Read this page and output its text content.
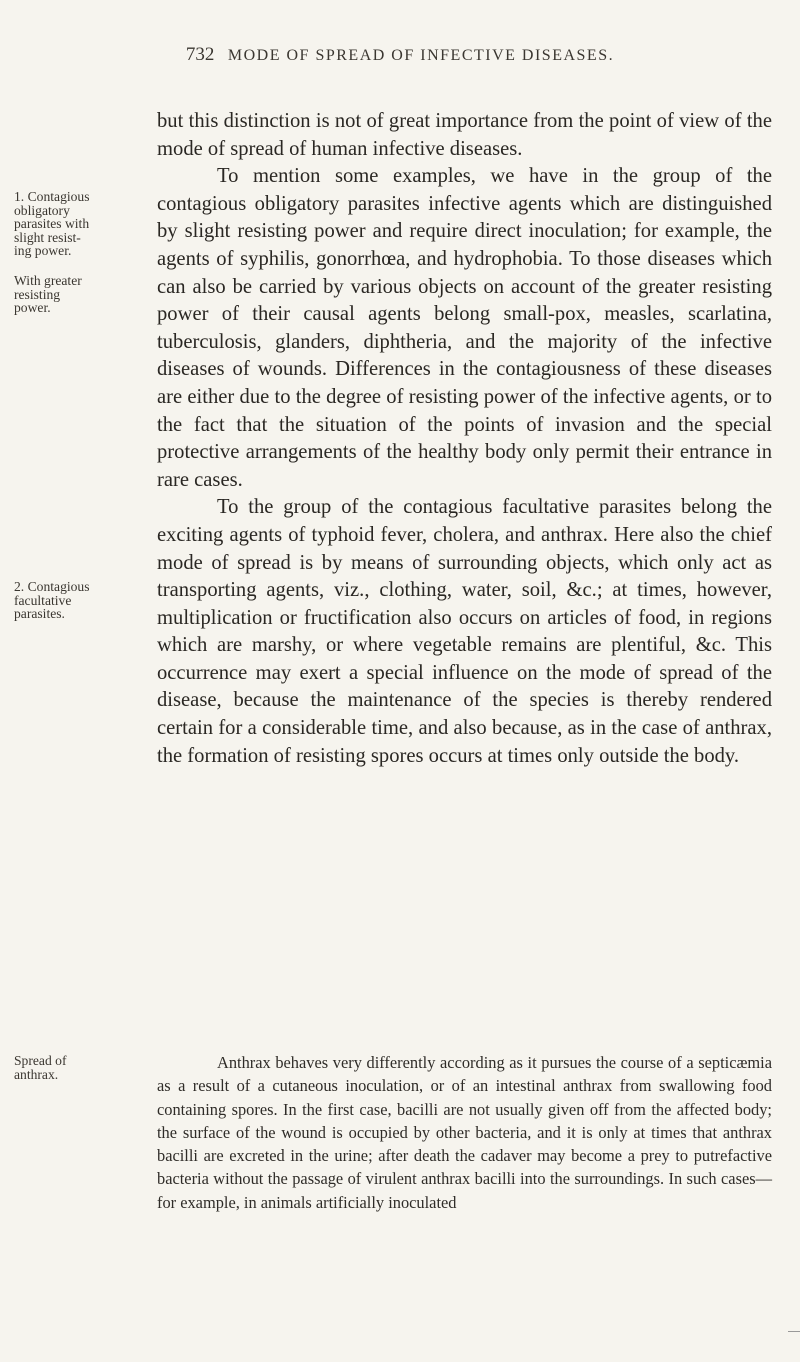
732 MODE OF SPREAD OF INFECTIVE DISEASES.

but this distinction is not of great importance from the point of view of the mode of spread of human infective diseases.

To mention some examples, we have in the group of the contagious obligatory parasites infective agents which are distinguished by slight resisting power and require direct inoculation; for example, the agents of syphilis, gonorrhœa, and hydrophobia. To those diseases which can also be carried by various objects on account of the greater resisting power of their causal agents belong small-pox, measles, scarlatina, tuberculosis, glanders, diphtheria, and the majority of the infective diseases of wounds. Differences in the contagiousness of these diseases are either due to the degree of resisting power of the infective agents, or to the fact that the situation of the points of invasion and the special protective arrangements of the healthy body only permit their entrance in rare cases.

To the group of the contagious facultative parasites belong the exciting agents of typhoid fever, cholera, and anthrax. Here also the chief mode of spread is by means of surrounding objects, which only act as transporting agents, viz., clothing, water, soil, &c.; at times, however, multiplication or fructification also occurs on articles of food, in regions which are marshy, or where vegetable remains are plentiful, &c. This occurrence may exert a special influence on the mode of spread of the disease, because the maintenance of the species is thereby rendered certain for a considerable time, and also because, as in the case of anthrax, the formation of resisting spores occurs at times only outside the body.

Anthrax behaves very differently according as it pursues the course of a septicæmia as a result of a cutaneous inoculation, or of an intestinal anthrax from swallowing food containing spores. In the first case, bacilli are not usually given off from the affected body; the surface of the wound is occupied by other bacteria, and it is only at times that anthrax bacilli are excreted in the urine; after death the cadaver may become a prey to putrefactive bacteria without the passage of virulent anthrax bacilli into the surroundings. In such cases—for example, in animals artificially inoculated

1. Contagious
obligatory
parasites with
slight resist-
ing power.
With greater
resisting
power.
2. Contagious
facultative
parasites.
Spread of
anthrax.
